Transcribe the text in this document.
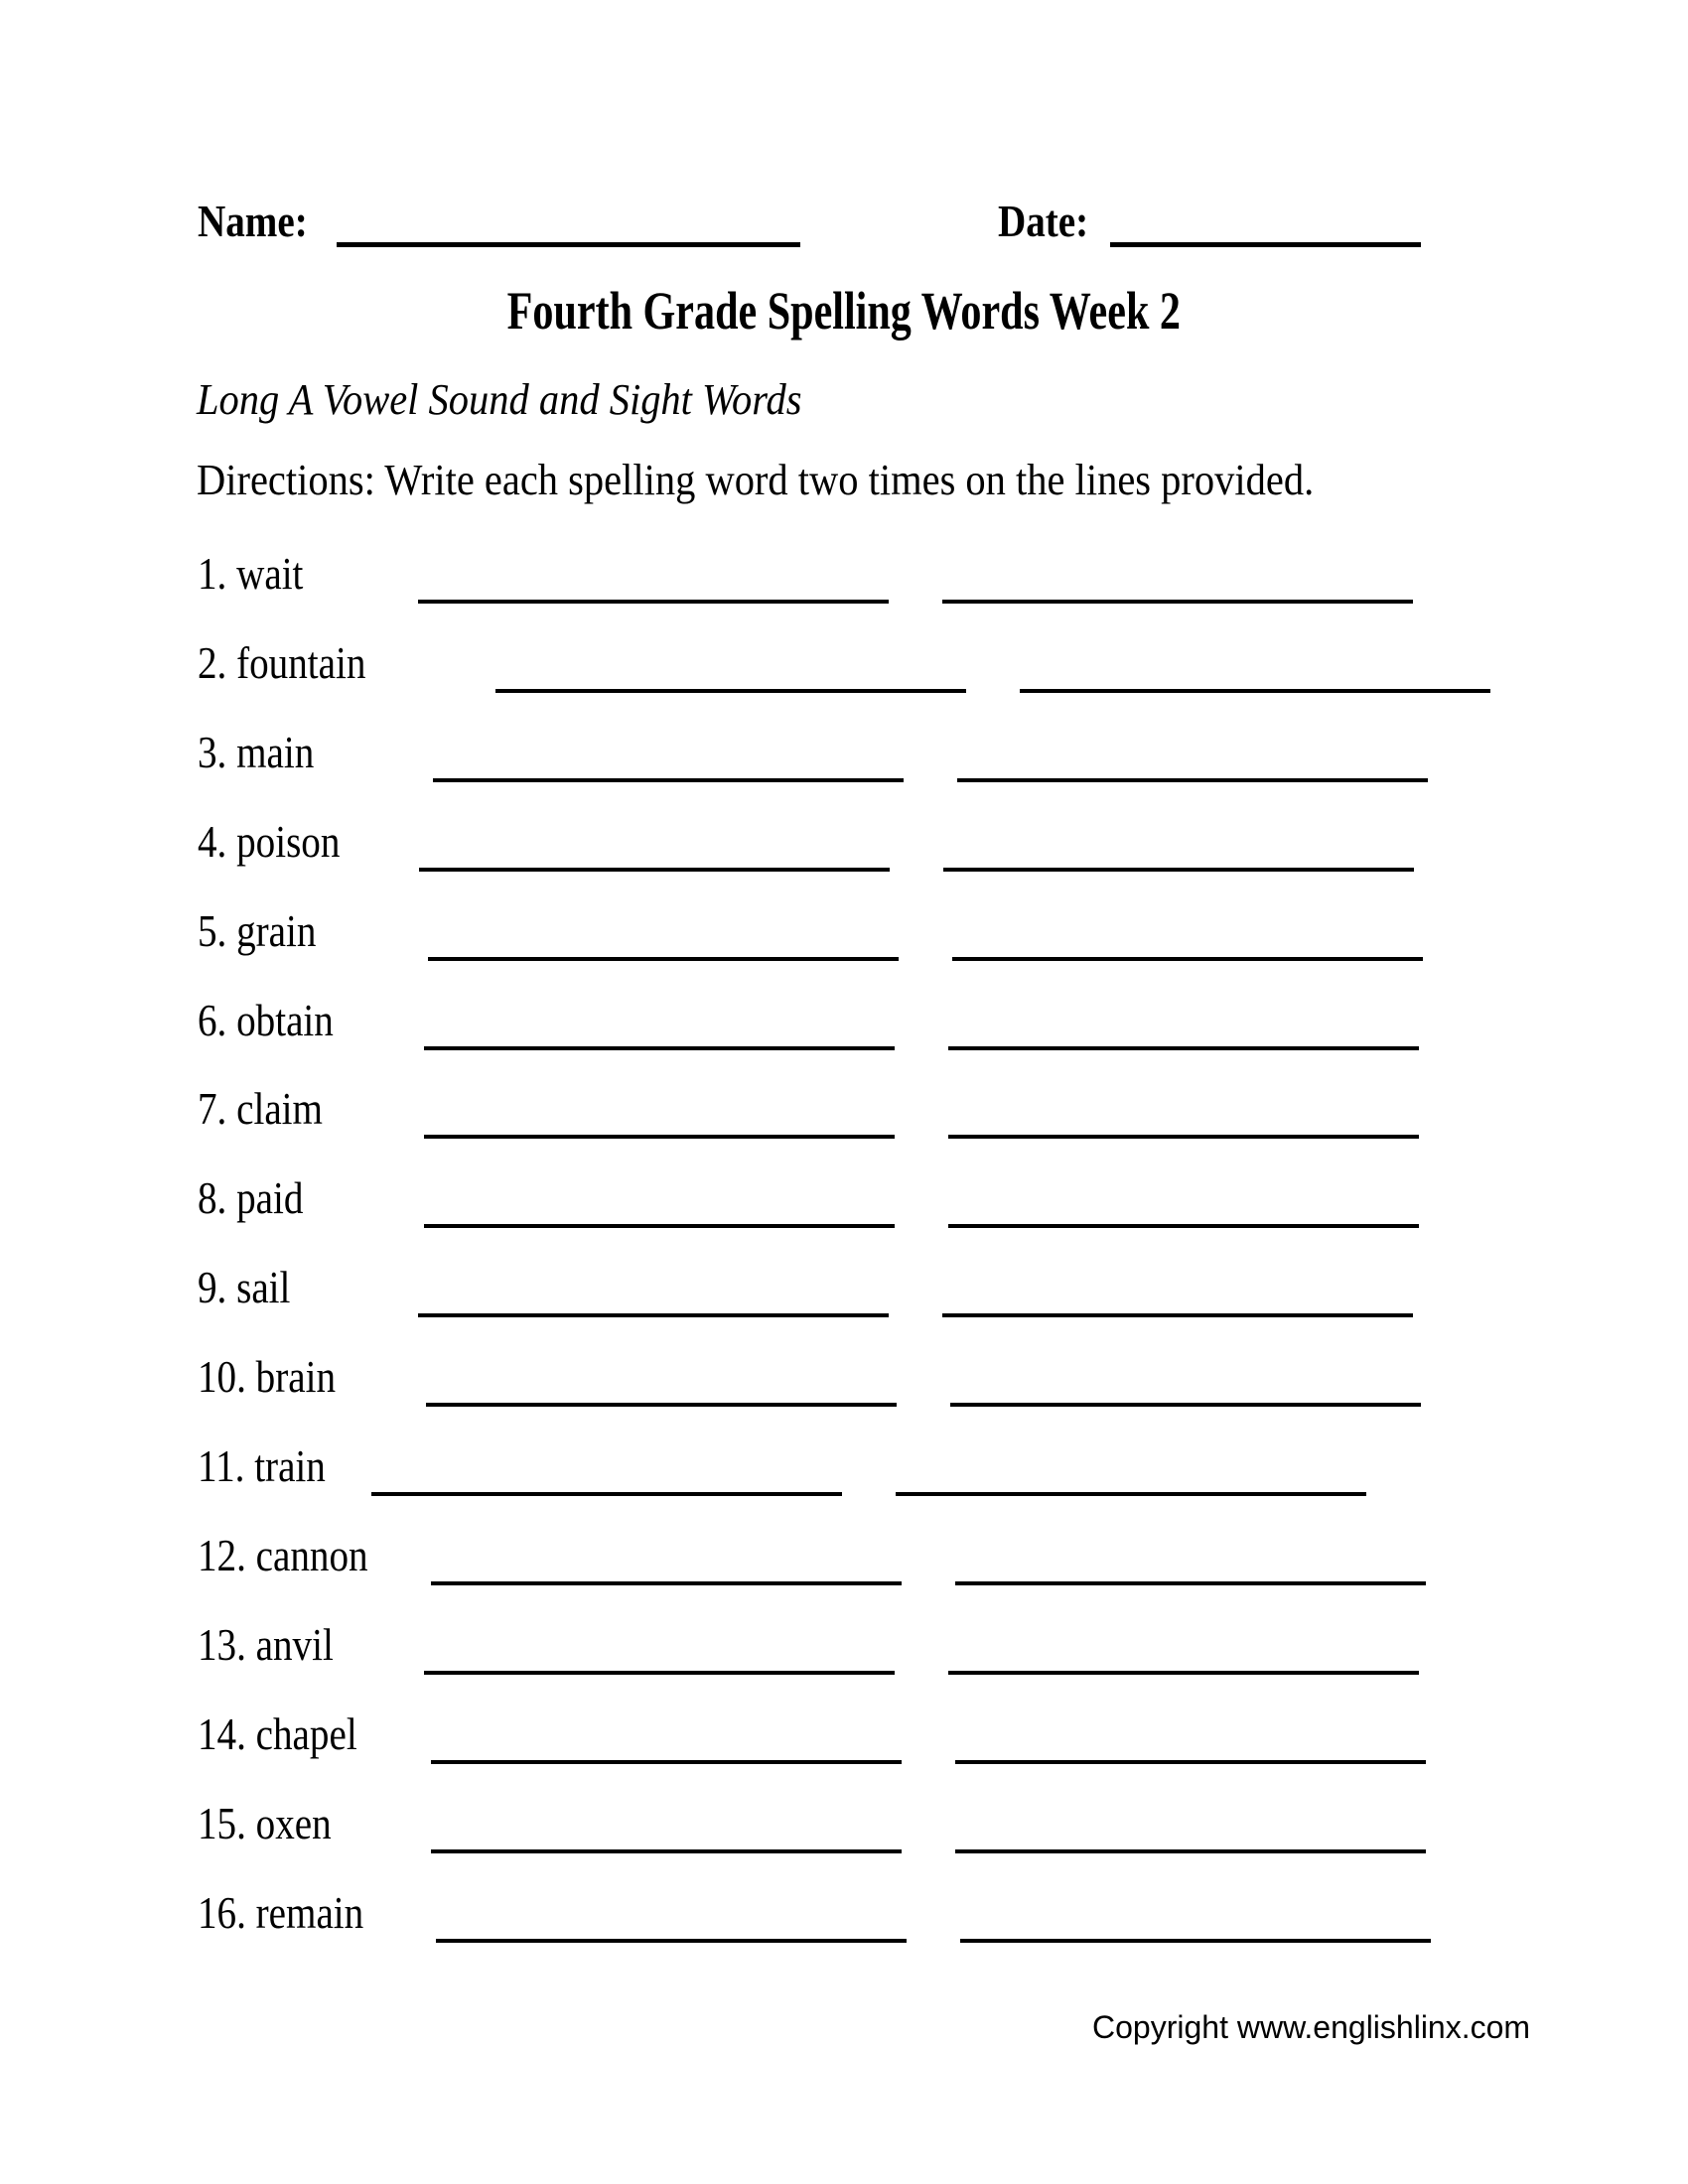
Name:	Date:
Fourth Grade Spelling Words Week 2
Long A Vowel Sound and Sight Words
Directions: Write each spelling word two times on the lines provided.
1. wait
2. fountain
3. main
4. poison
5. grain
6. obtain
7. claim
8. paid
9. sail
10. brain
11. train
12. cannon
13. anvil
14. chapel
15. oxen
16. remain
Copyright www.englishlinx.com
